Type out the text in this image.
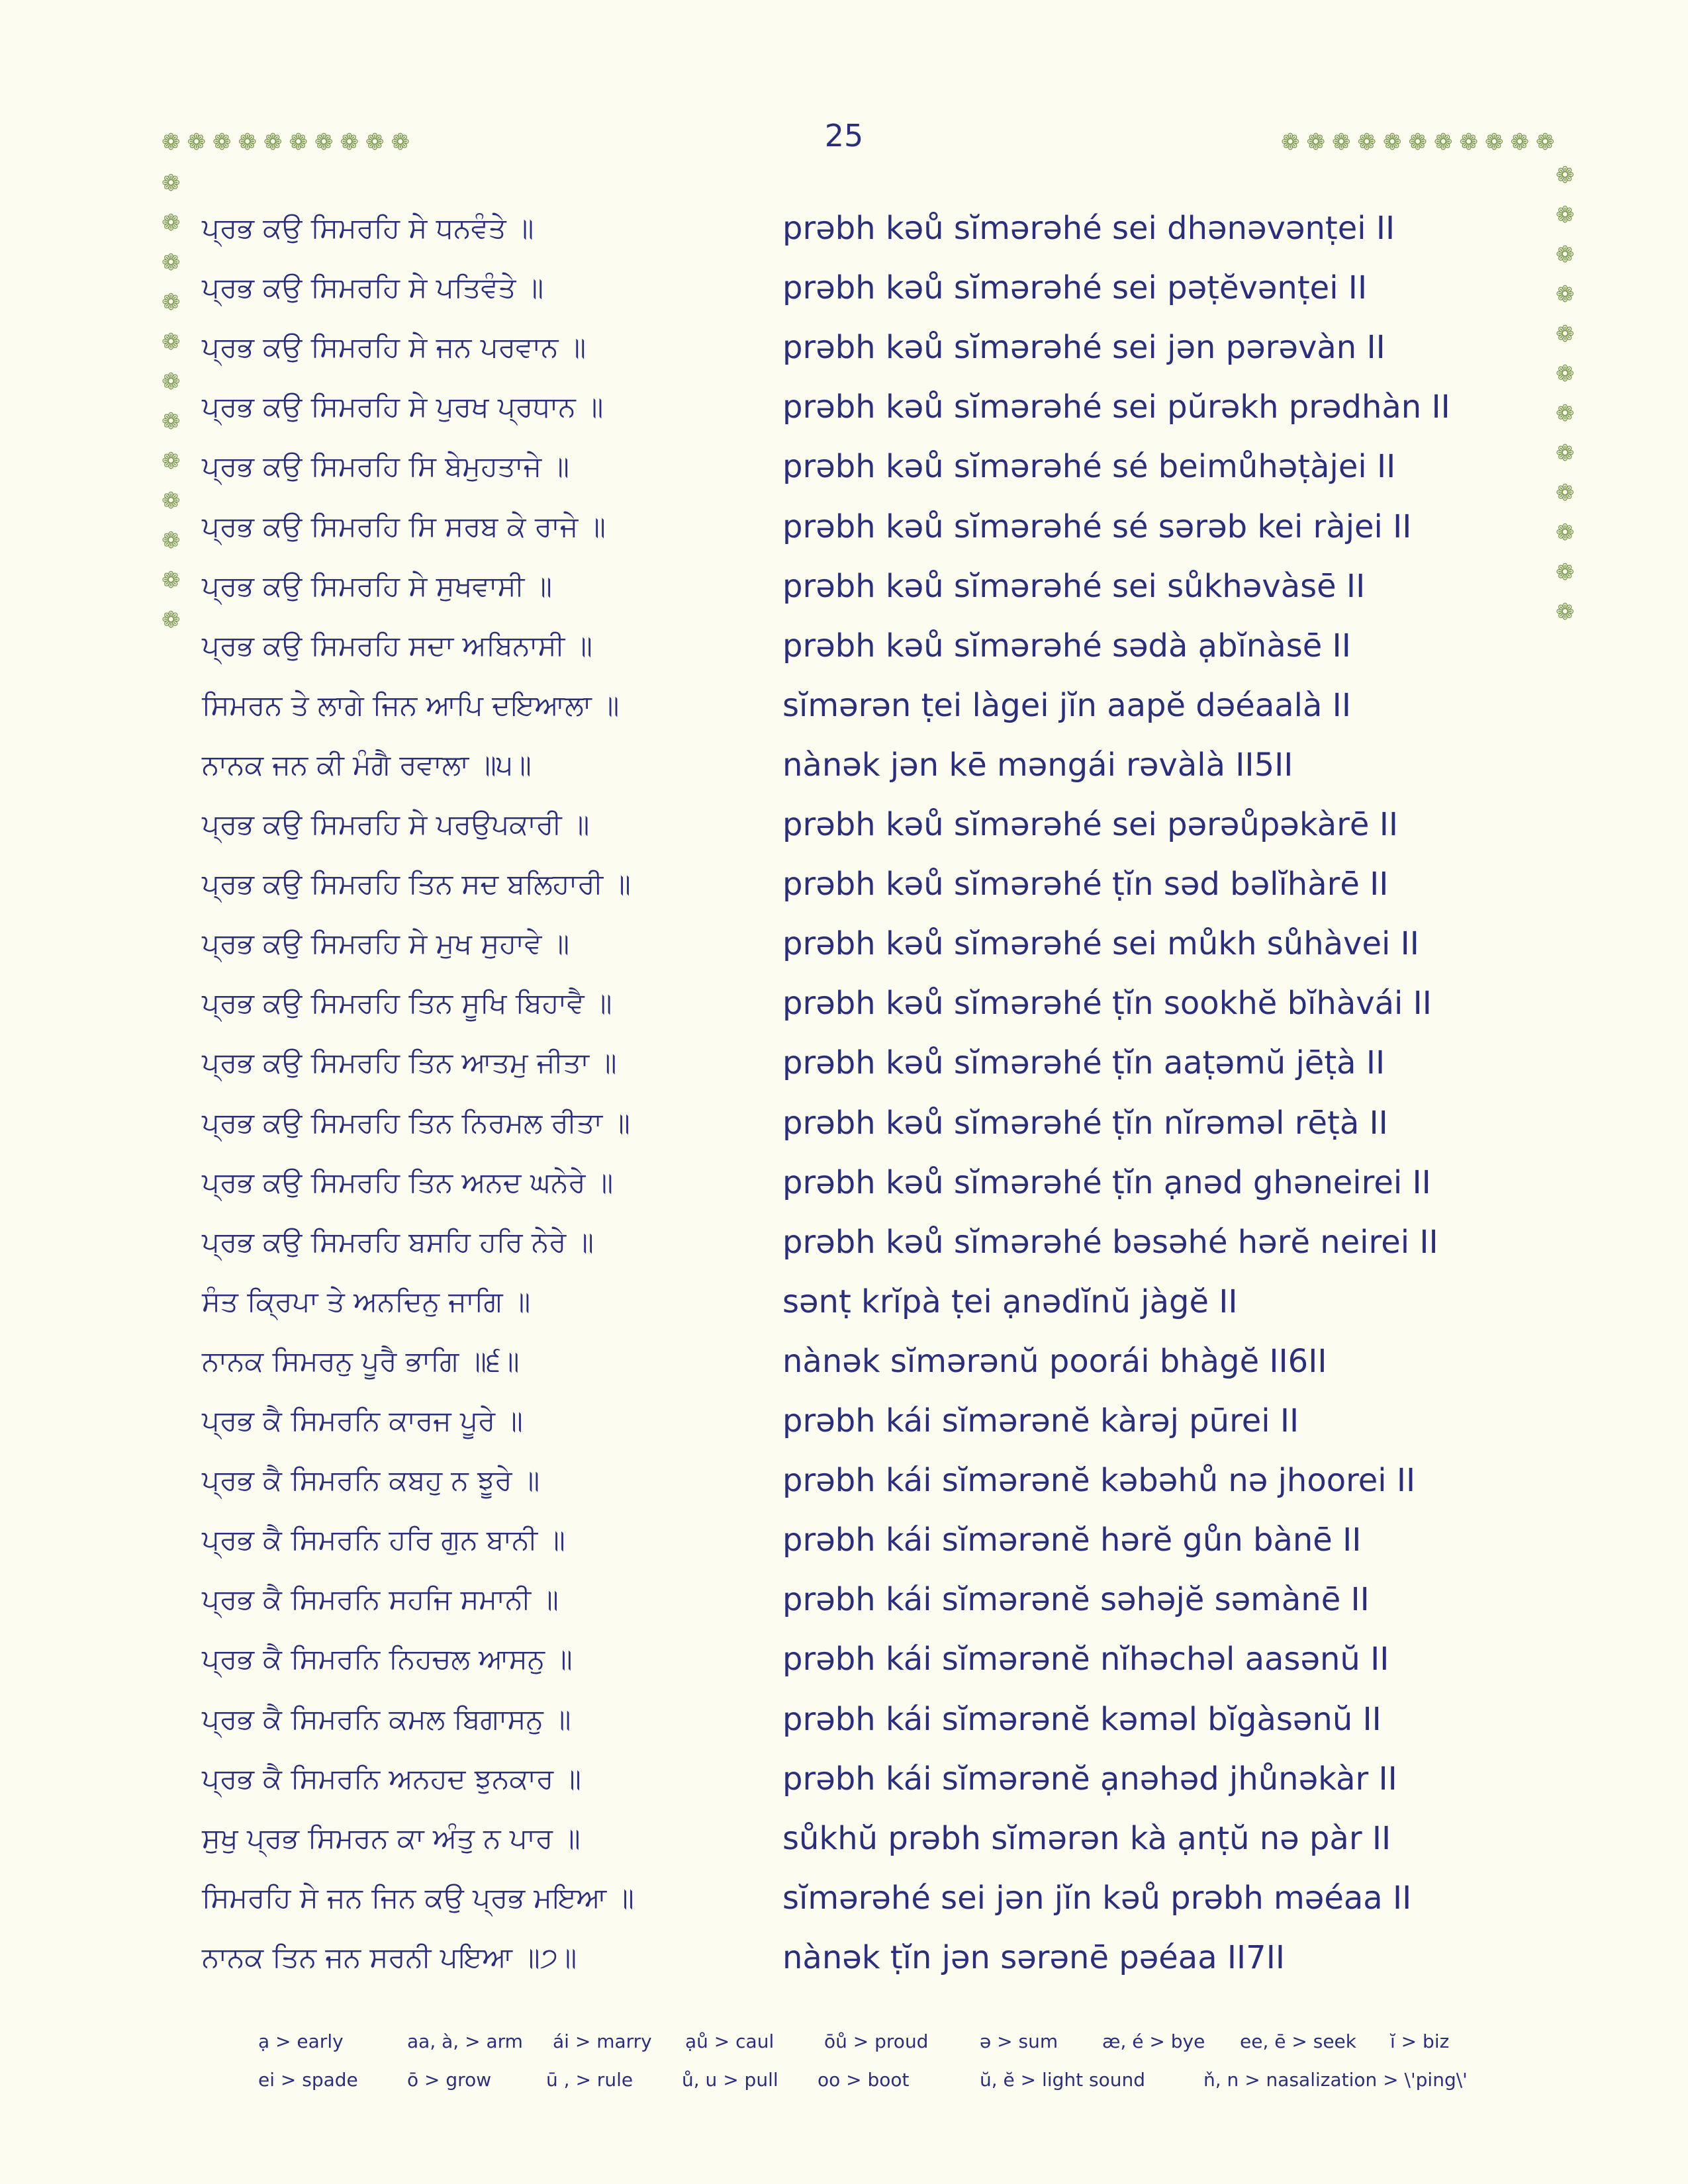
25
❁ ❁ ❁ ❁ ❁ ❁ ❁ ❁ ❁ ❁
❁
❁
❁
❁
❁
❁
❁
❁
❁
❁
❁
❁
❁ ❁ ❁ ❁ ❁ ❁ ❁ ❁ ❁ ❁ ❁
❁
❁
❁
❁
❁
❁
❁
❁
❁
❁
❁
❁
ਪ੍ਰਭ ਕਉ ਸਿਮਰਹਿ ਸੇ ਧਨਵੰਤੇ ॥	prəbh kəů sĭmərəhé sei dhənəvənṭei II
ਪ੍ਰਭ ਕਉ ਸਿਮਰਹਿ ਸੇ ਪਤਿਵੰਤੇ ॥	prəbh kəů sĭmərəhé sei pəṭĕvənṭei II
ਪ੍ਰਭ ਕਉ ਸਿਮਰਹਿ ਸੇ ਜਨ ਪਰਵਾਨ ॥	prəbh kəů sĭmərəhé sei jən pərəvàn II
ਪ੍ਰਭ ਕਉ ਸਿਮਰਹਿ ਸੇ ਪੁਰਖ ਪ੍ਰਧਾਨ ॥	prəbh kəů sĭmərəhé sei pŭrəkh prədhàn II
ਪ੍ਰਭ ਕਉ ਸਿਮਰਹਿ ਸਿ ਬੇਮੁਹਤਾਜੇ ॥	prəbh kəů sĭmərəhé sé beimůhəṭàjei II
ਪ੍ਰਭ ਕਉ ਸਿਮਰਹਿ ਸਿ ਸਰਬ ਕੇ ਰਾਜੇ ॥	prəbh kəů sĭmərəhé sé sərəb kei ràjei II
ਪ੍ਰਭ ਕਉ ਸਿਮਰਹਿ ਸੇ ਸੁਖਵਾਸੀ ॥	prəbh kəů sĭmərəhé sei sůkhəvàsē II
ਪ੍ਰਭ ਕਉ ਸਿਮਰਹਿ ਸਦਾ ਅਬਿਨਾਸੀ ॥	prəbh kəů sĭmərəhé sədà ạbĭnàsē II
ਸਿਮਰਨ ਤੇ ਲਾਗੇ ਜਿਨ ਆਪਿ ਦਇਆਲਾ ॥	sĭmərən ṭei làgei jĭn aapĕ dəéaalà II
ਨਾਨਕ ਜਨ ਕੀ ਮੰਗੈ ਰਵਾਲਾ ॥੫॥	nànək jən kē məngái rəvàlà II5II
ਪ੍ਰਭ ਕਉ ਸਿਮਰਹਿ ਸੇ ਪਰਉਪਕਾਰੀ ॥	prəbh kəů sĭmərəhé sei pərəůpəkàrē II
ਪ੍ਰਭ ਕਉ ਸਿਮਰਹਿ ਤਿਨ ਸਦ ਬਲਿਹਾਰੀ ॥	prəbh kəů sĭmərəhé ṭĭn səd bəlĭhàrē II
ਪ੍ਰਭ ਕਉ ਸਿਮਰਹਿ ਸੇ ਮੁਖ ਸੁਹਾਵੇ ॥	prəbh kəů sĭmərəhé sei můkh sůhàvei II
ਪ੍ਰਭ ਕਉ ਸਿਮਰਹਿ ਤਿਨ ਸੂਖਿ ਬਿਹਾਵੈ ॥	prəbh kəů sĭmərəhé ṭĭn sookhĕ bĭhàvái II
ਪ੍ਰਭ ਕਉ ਸਿਮਰਹਿ ਤਿਨ ਆਤਮੁ ਜੀਤਾ ॥	prəbh kəů sĭmərəhé ṭĭn aaṭəmŭ jēṭà II
ਪ੍ਰਭ ਕਉ ਸਿਮਰਹਿ ਤਿਨ ਨਿਰਮਲ ਰੀਤਾ ॥	prəbh kəů sĭmərəhé ṭĭn nĭrəməl rēṭà II
ਪ੍ਰਭ ਕਉ ਸਿਮਰਹਿ ਤਿਨ ਅਨਦ ਘਨੇਰੇ ॥	prəbh kəů sĭmərəhé ṭĭn ạnəd ghəneirei II
ਪ੍ਰਭ ਕਉ ਸਿਮਰਹਿ ਬਸਹਿ ਹਰਿ ਨੇਰੇ ॥	prəbh kəů sĭmərəhé bəsəhé hərĕ neirei II
ਸੰਤ ਕ੍ਰਿਪਾ ਤੇ ਅਨਦਿਨੁ ਜਾਗਿ ॥	sənṭ krĭpà ṭei ạnədĭnŭ jàgĕ II
ਨਾਨਕ ਸਿਮਰਨੁ ਪੂਰੈ ਭਾਗਿ ॥੬॥	nànək sĭmərənŭ poorái bhàgĕ II6II
ਪ੍ਰਭ ਕੈ ਸਿਮਰਨਿ ਕਾਰਜ ਪੂਰੇ ॥	prəbh kái sĭmərənĕ kàrəj pūrei II
ਪ੍ਰਭ ਕੈ ਸਿਮਰਨਿ ਕਬਹੁ ਨ ਝੂਰੇ ॥	prəbh kái sĭmərənĕ kəbəhů nə jhoorei II
ਪ੍ਰਭ ਕੈ ਸਿਮਰਨਿ ਹਰਿ ਗੁਨ ਬਾਨੀ ॥	prəbh kái sĭmərənĕ hərĕ gůn bànē II
ਪ੍ਰਭ ਕੈ ਸਿਮਰਨਿ ਸਹਜਿ ਸਮਾਨੀ ॥	prəbh kái sĭmərənĕ səhəjĕ səmànē II
ਪ੍ਰਭ ਕੈ ਸਿਮਰਨਿ ਨਿਹਚਲ ਆਸਨੁ ॥	prəbh kái sĭmərənĕ nĭhəchəl aasənŭ II
ਪ੍ਰਭ ਕੈ ਸਿਮਰਨਿ ਕਮਲ ਬਿਗਾਸਨੁ ॥	prəbh kái sĭmərənĕ kəməl bĭgàsənŭ II
ਪ੍ਰਭ ਕੈ ਸਿਮਰਨਿ ਅਨਹਦ ਝੁਨਕਾਰ ॥	prəbh kái sĭmərənĕ ạnəhəd jhůnəkàr II
ਸੁਖੁ ਪ੍ਰਭ ਸਿਮਰਨ ਕਾ ਅੰਤੁ ਨ ਪਾਰ ॥	sůkhŭ prəbh sĭmərən kà ạnṭŭ nə pàr II
ਸਿਮਰਹਿ ਸੇ ਜਨ ਜਿਨ ਕਉ ਪ੍ਰਭ ਮਇਆ ॥	sĭmərəhé sei jən jĭn kəů prəbh məéaa II
ਨਾਨਕ ਤਿਨ ਜਨ ਸਰਨੀ ਪਇਆ ॥੭॥	nànək ṭĭn jən sərənē pəéaa II7II
ạ > early	aa, à, > arm ái > marry ạů > caul	ōů > proud	ə > sum æ, é > bye ee, ē > seek ĭ > biz
ei > spade	ō > grow	ū , > rule	ů, u > pull oo > boot	ŭ, ĕ > light sound	ň, n > nasalization > \'ping\'
